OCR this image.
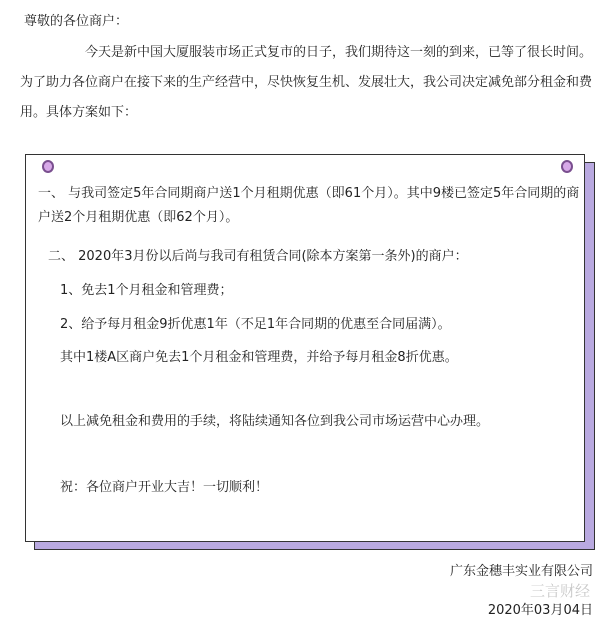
尊敬的各位商户：
今天是新中国大厦服装市场正式复市的日子，我们期待这一刻的到来，已等了很长时间。为了助力各位商户在接下来的生产经营中，尽快恢复生机、发展壮大，我公司决定减免部分租金和费用。具体方案如下：
一、 与我司签定5年合同期商户送1个月租期优惠（即61个月）。其中9楼已签定5年合同期的商
户送2个月租期优惠（即62个月）。
二、 2020年3月份以后尚与我司有租赁合同(除本方案第一条外)的商户：
1、免去1个月租金和管理费；
2、给予每月租金9折优惠1年（不足1年合同期的优惠至合同届满）。
其中1楼A区商户免去1个月租金和管理费，并给予每月租金8折优惠。
以上减免租金和费用的手续，将陆续通知各位到我公司市场运营中心办理。
祝：各位商户开业大吉！一切顺利！
广东金穗丰实业有限公司
三言财经
2020年03月04日
